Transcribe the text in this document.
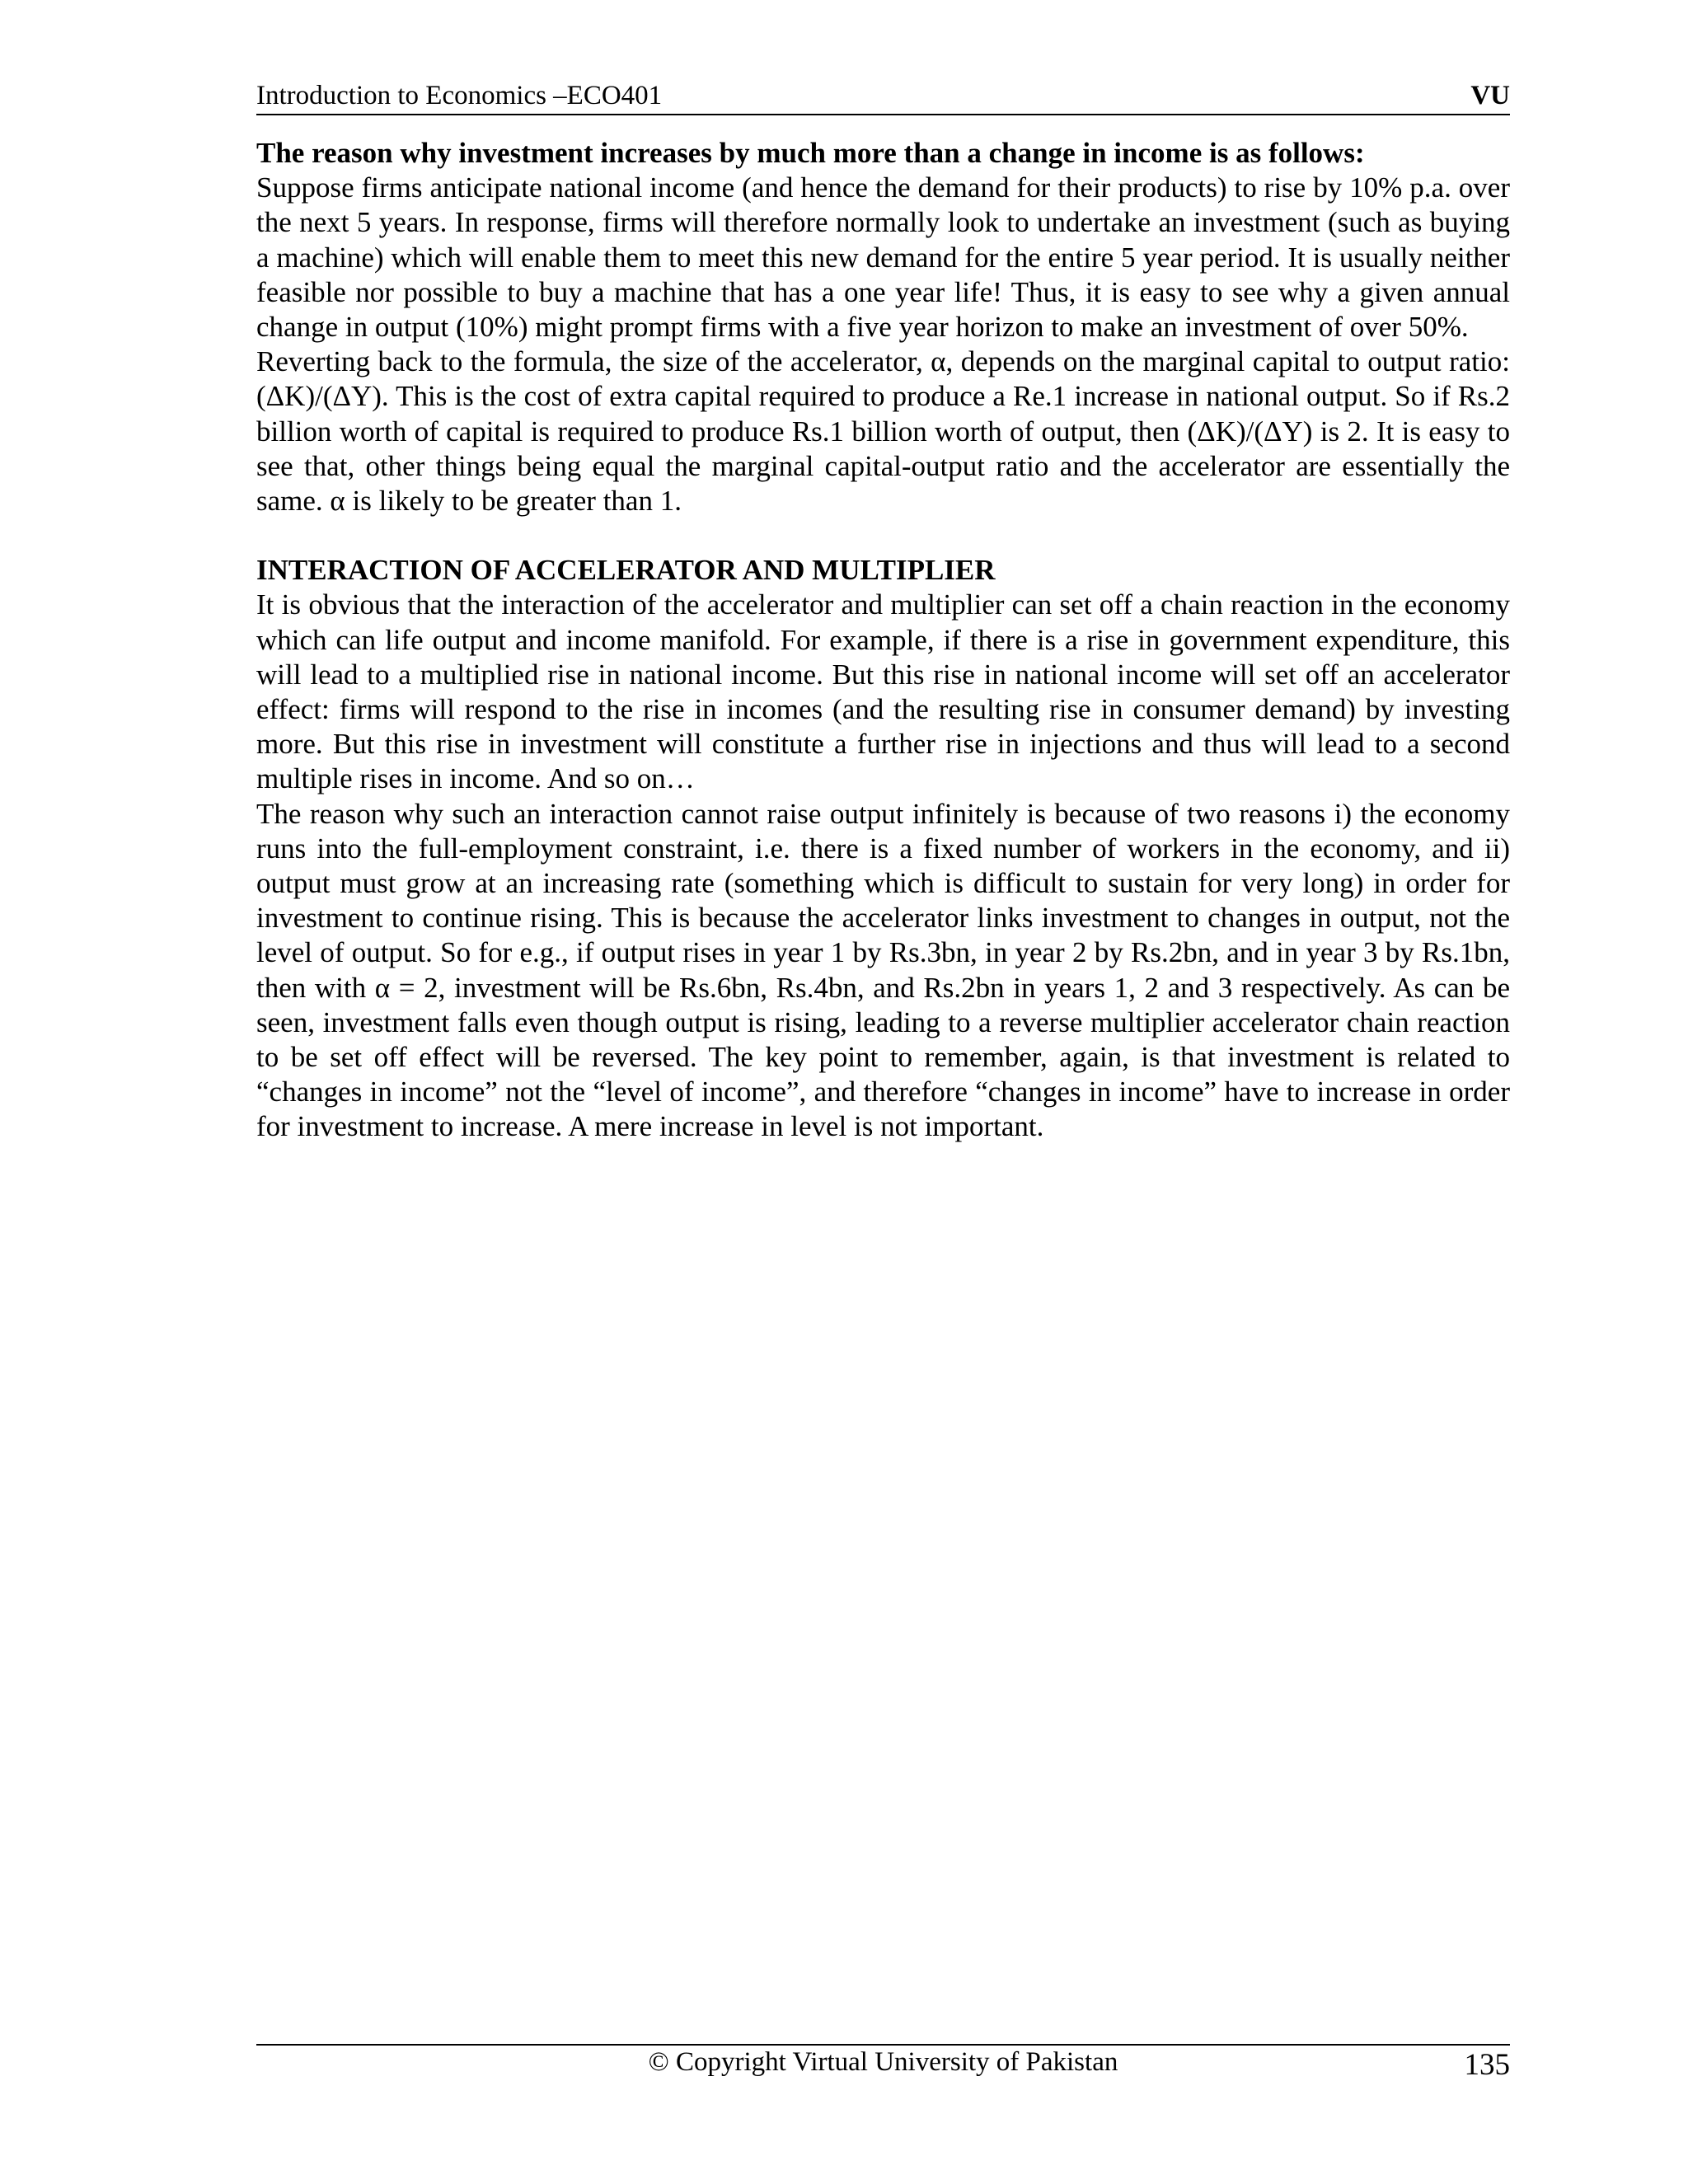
Introduction to Economics –ECO401	VU

The reason why investment increases by much more than a change in income is as follows:

Suppose firms anticipate national income (and hence the demand for their products) to rise by 10% p.a. over the next 5 years. In response, firms will therefore normally look to undertake an investment (such as buying a machine) which will enable them to meet this new demand for the entire 5 year period. It is usually neither feasible nor possible to buy a machine that has a one year life! Thus, it is easy to see why a given annual change in output (10%) might prompt firms with a five year horizon to make an investment of over 50%.

Reverting back to the formula, the size of the accelerator, α, depends on the marginal capital to output ratio: (ΔK)/(ΔY). This is the cost of extra capital required to produce a Re.1 increase in national output. So if Rs.2 billion worth of capital is required to produce Rs.1 billion worth of output, then (ΔK)/(ΔY) is 2. It is easy to see that, other things being equal the marginal capital-output ratio and the accelerator are essentially the same. α is likely to be greater than 1.

INTERACTION OF ACCELERATOR AND MULTIPLIER

It is obvious that the interaction of the accelerator and multiplier can set off a chain reaction in the economy which can life output and income manifold. For example, if there is a rise in government expenditure, this will lead to a multiplied rise in national income. But this rise in national income will set off an accelerator effect: firms will respond to the rise in incomes (and the resulting rise in consumer demand) by investing more. But this rise in investment will constitute a further rise in injections and thus will lead to a second multiple rises in income. And so on…

The reason why such an interaction cannot raise output infinitely is because of two reasons i) the economy runs into the full-employment constraint, i.e. there is a fixed number of workers in the economy, and ii) output must grow at an increasing rate (something which is difficult to sustain for very long) in order for investment to continue rising. This is because the accelerator links investment to changes in output, not the level of output. So for e.g., if output rises in year 1 by Rs.3bn, in year 2 by Rs.2bn, and in year 3 by Rs.1bn, then with α = 2, investment will be Rs.6bn, Rs.4bn, and Rs.2bn in years 1, 2 and 3 respectively. As can be seen, investment falls even though output is rising, leading to a reverse multiplier accelerator chain reaction to be set off effect will be reversed. The key point to remember, again, is that investment is related to “changes in income” not the “level of income”, and therefore “changes in income” have to increase in order for investment to increase. A mere increase in level is not important.

© Copyright Virtual University of Pakistan	135
